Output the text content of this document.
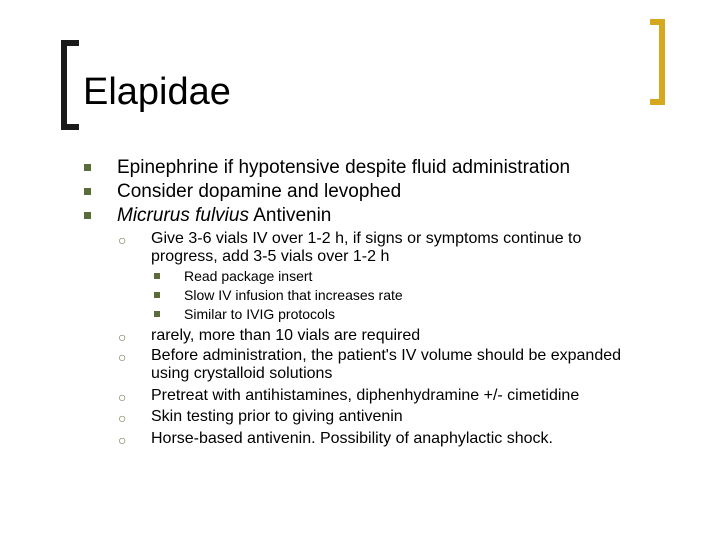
Elapidae
Epinephrine if hypotensive despite fluid administration
Consider dopamine and levophed
Micrurus fulvius Antivenin
○ Give 3-6 vials IV over 1-2 h, if signs or symptoms continue to progress, add 3-5 vials over 1-2 h
Read package insert
Slow IV infusion that increases rate
Similar to IVIG protocols
○ rarely, more than 10 vials are required
○ Before administration, the patient's IV volume should be expanded using crystalloid solutions
○ Pretreat with antihistamines, diphenhydramine +/- cimetidine
○ Skin testing prior to giving antivenin
○ Horse-based antivenin. Possibility of anaphylactic shock.
